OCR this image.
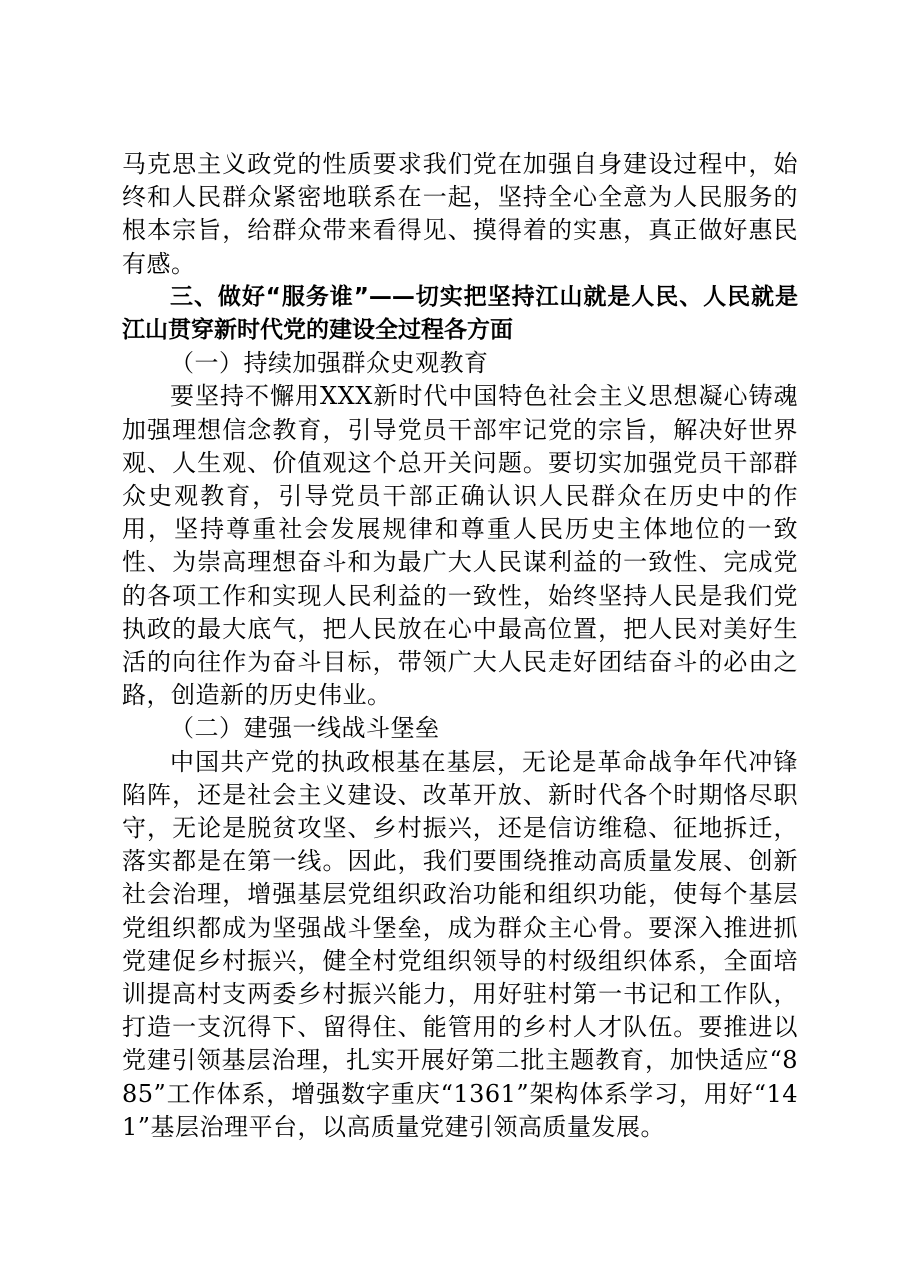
马克思主义政党的性质要求我们党在加强自身建设过程中，始终和人民群众紧密地联系在一起，坚持全心全意为人民服务的根本宗旨，给群众带来看得见、摸得着的实惠，真正做好惠民有感。

三、做好“服务谁”——切实把坚持江山就是人民、人民就是江山贯穿新时代党的建设全过程各方面

（一）持续加强群众史观教育

要坚持不懈用XXX新时代中国特色社会主义思想凝心铸魂加强理想信念教育，引导党员干部牢记党的宗旨，解决好世界观、人生观、价值观这个总开关问题。要切实加强党员干部群众史观教育，引导党员干部正确认识人民群众在历史中的作用，坚持尊重社会发展规律和尊重人民历史主体地位的一致性、为崇高理想奋斗和为最广大人民谋利益的一致性、完成党的各项工作和实现人民利益的一致性，始终坚持人民是我们党执政的最大底气，把人民放在心中最高位置，把人民对美好生活的向往作为奋斗目标，带领广大人民走好团结奋斗的必由之路，创造新的历史伟业。

（二）建强一线战斗堡垒

中国共产党的执政根基在基层，无论是革命战争年代冲锋陷阵，还是社会主义建设、改革开放、新时代各个时期恪尽职守，无论是脱贫攻坚、乡村振兴，还是信访维稳、征地拆迁，落实都是在第一线。因此，我们要围绕推动高质量发展、创新社会治理，增强基层党组织政治功能和组织功能，使每个基层党组织都成为坚强战斗堡垒，成为群众主心骨。要深入推进抓党建促乡村振兴，健全村党组织领导的村级组织体系，全面培训提高村支两委乡村振兴能力，用好驻村第一书记和工作队，打造一支沉得下、留得住、能管用的乡村人才队伍。要推进以党建引领基层治理，扎实开展好第二批主题教育，加快适应“885”工作体系，增强数字重庆“1361”架构体系学习，用好“141”基层治理平台，以高质量党建引领高质量发展。
